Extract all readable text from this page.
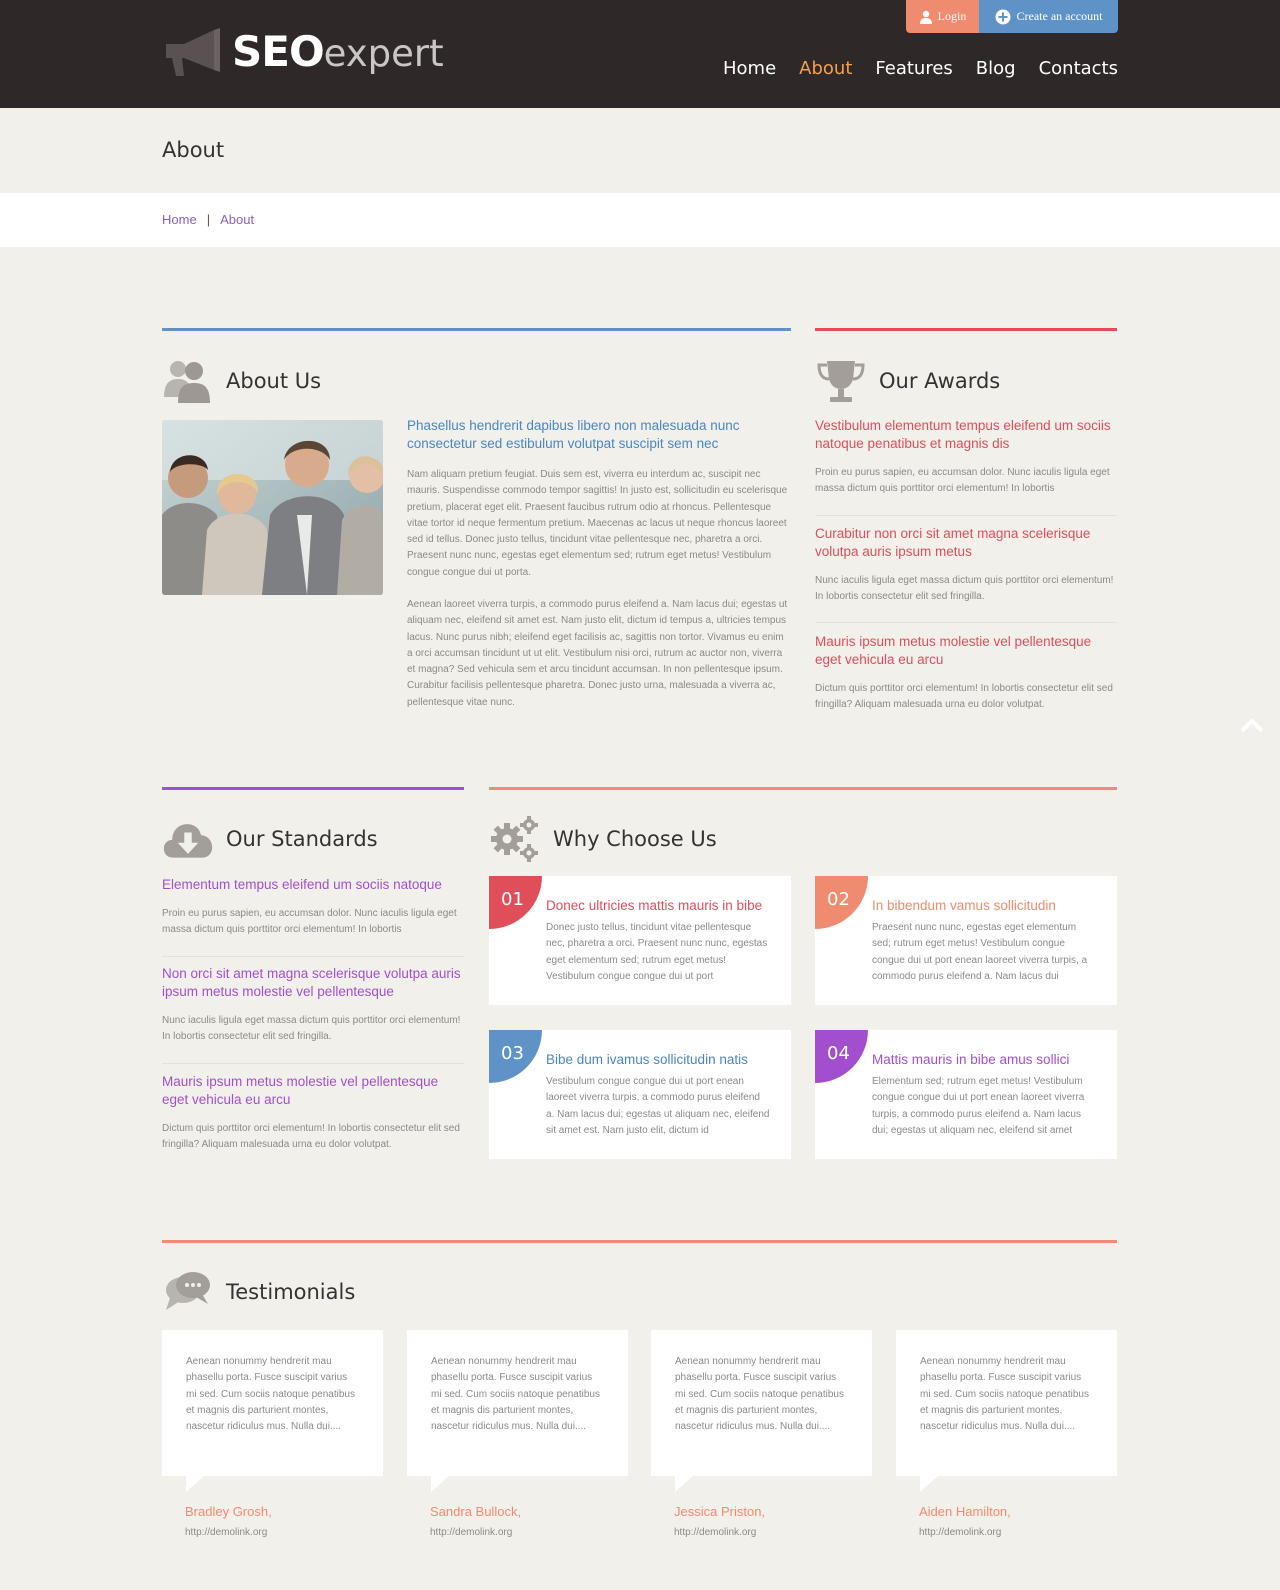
SEOexpert
Login	Create an account
Home About Features Blog Contacts
About
Home | About
About Us
Phasellus hendrerit dapibus libero non malesuada nunc consectetur sed estibulum volutpat suscipit sem nec

Nam aliquam pretium feugiat. Duis sem est, viverra eu interdum ac, suscipit nec mauris. Suspendisse commodo tempor sagittis! In justo est, sollicitudin eu scelerisque pretium, placerat eget elit. Praesent faucibus rutrum odio at rhoncus. Pellentesque vitae tortor id neque fermentum pretium. Maecenas ac lacus ut neque rhoncus laoreet sed id tellus. Donec justo tellus, tincidunt vitae pellentesque nec, pharetra a orci. Praesent nunc nunc, egestas eget elementum sed; rutrum eget metus! Vestibulum congue congue dui ut porta.

Aenean laoreet viverra turpis, a commodo purus eleifend a. Nam lacus dui; egestas ut aliquam nec, eleifend sit amet est. Nam justo elit, dictum id tempus a, ultricies tempus lacus. Nunc purus nibh; eleifend eget facilisis ac, sagittis non tortor. Vivamus eu enim a orci accumsan tincidunt ut ut elit. Vestibulum nisi orci, rutrum ac auctor non, viverra et magna? Sed vehicula sem et arcu tincidunt accumsan. In non pellentesque ipsum. Curabitur facilisis pellentesque pharetra. Donec justo urna, malesuada a viverra ac, pellentesque vitae nunc.

Our Awards
Vestibulum elementum tempus eleifend um sociis natoque penatibus et magnis dis

Proin eu purus sapien, eu accumsan dolor. Nunc iaculis ligula eget massa dictum quis porttitor orci elementum! In lobortis

Curabitur non orci sit amet magna scelerisque volutpa auris ipsum metus

Nunc iaculis ligula eget massa dictum quis porttitor orci elementum! In lobortis consectetur elit sed fringilla.

Mauris ipsum metus molestie vel pellentesque eget vehicula eu arcu

Dictum quis porttitor orci elementum! In lobortis consectetur elit sed fringilla? Aliquam malesuada urna eu dolor volutpat.

Our Standards
Elementum tempus eleifend um sociis natoque

Proin eu purus sapien, eu accumsan dolor. Nunc iaculis ligula eget massa dictum quis porttitor orci elementum! In lobortis

Non orci sit amet magna scelerisque volutpa auris ipsum metus molestie vel pellentesque

Nunc iaculis ligula eget massa dictum quis porttitor orci elementum! In lobortis consectetur elit sed fringilla.

Mauris ipsum metus molestie vel pellentesque eget vehicula eu arcu

Dictum quis porttitor orci elementum! In lobortis consectetur elit sed fringilla? Aliquam malesuada urna eu dolor volutpat.

Why Choose Us
01	Donec ultricies mattis mauris in bibe

Donec justo tellus, tincidunt vitae pellentesque nec, pharetra a orci. Praesent nunc nunc, egestas eget elementum sed; rutrum eget metus! Vestibulum congue congue dui ut port

02	In bibendum vamus sollicitudin

Praesent nunc nunc, egestas eget elementum sed; rutrum eget metus! Vestibulum congue congue dui ut port enean laoreet viverra turpis, a commodo purus eleifend a. Nam lacus dui

03	Bibe dum ivamus sollicitudin natis

Vestibulum congue congue dui ut port enean laoreet viverra turpis, a commodo purus eleifend a. Nam lacus dui; egestas ut aliquam nec, eleifend sit amet est. Nam justo elit, dictum id

04	Mattis mauris in bibe amus sollici

Elementum sed; rutrum eget metus! Vestibulum congue congue dui ut port enean laoreet viverra turpis, a commodo purus eleifend a. Nam lacus dui; egestas ut aliquam nec, eleifend sit amet

Testimonials
Aenean nonummy hendrerit mau phasellu porta. Fusce suscipit varius mi sed. Cum sociis natoque penatibus et magnis dis parturient montes, nascetur ridiculus mus. Nulla dui....
Bradley Grosh,
http://demolink.org
Aenean nonummy hendrerit mau phasellu porta. Fusce suscipit varius mi sed. Cum sociis natoque penatibus et magnis dis parturient montes, nascetur ridiculus mus. Nulla dui....
Sandra Bullock,
http://demolink.org
Aenean nonummy hendrerit mau phasellu porta. Fusce suscipit varius mi sed. Cum sociis natoque penatibus et magnis dis parturient montes, nascetur ridiculus mus. Nulla dui....
Jessica Priston,
http://demolink.org
Aenean nonummy hendrerit mau phasellu porta. Fusce suscipit varius mi sed. Cum sociis natoque penatibus et magnis dis parturient montes, nascetur ridiculus mus. Nulla dui....
Aiden Hamilton,
http://demolink.org
